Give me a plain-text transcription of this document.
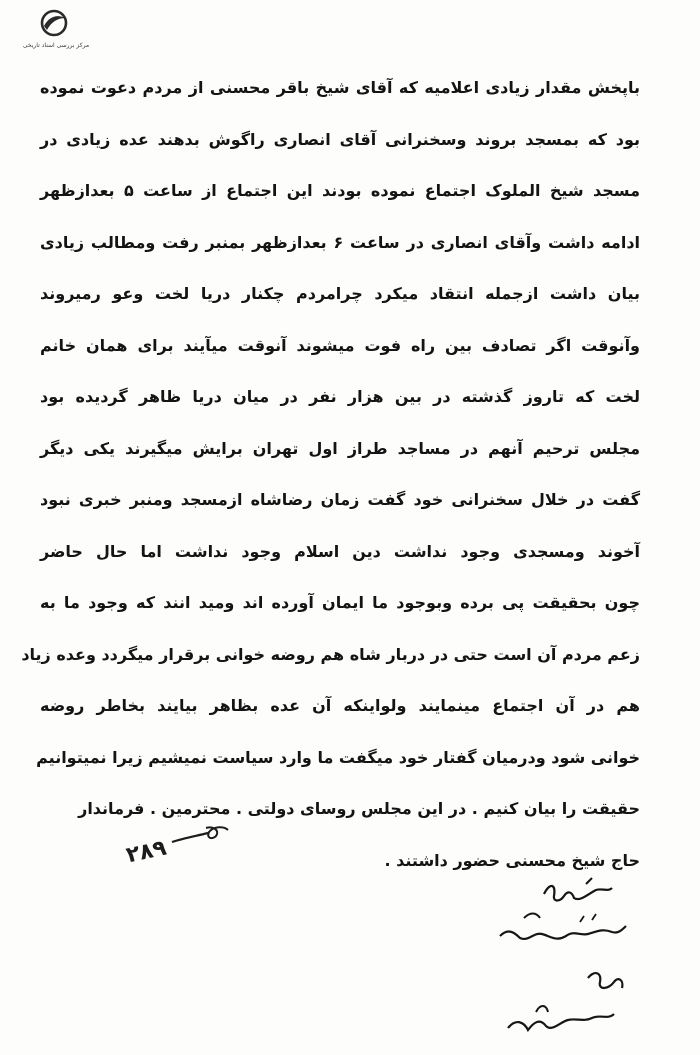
مرکز بررسی اسناد تاریخی
باپخش مقدار زیادی اعلامیه که آقای شیخ باقر محسنی از مردم دعوت نموده
بود که بمسجد بروند وسخنرانی آقای انصاری راگوش بدهند عده زیادی در
مسجد شیخ الملوک اجتماع نموده بودند این اجتماع از ساعت ۵ بعدازظهر
ادامه داشت وآقای انصاری در ساعت ۶ بعدازظهر بمنبر رفت ومطالب زیادی
بیان داشت ازجمله انتقاد میکرد چرامردم چکنار دریا لخت وعو رمیروند
وآنوقت اگر تصادف بین راه فوت میشوند آنوقت میآیند برای همان خانم
لخت که تاروز گذشته در بین هزار نفر در میان دریا ظاهر گردیده بود
مجلس ترحیم آنهم در مساجد طراز اول تهران برایش میگیرند یکی دیگر
گفت در خلال سخنرانی خود گفت زمان رضاشاه ازمسجد ومنبر خبری نبود
آخوند ومسجدی وجود نداشت دین اسلام وجود نداشت اما حال حاضر
چون بحقیقت پی برده وبوجود ما ایمان آورده اند ومید انند که وجود ما به
زعم مردم آن است حتی در دربار شاه هم روضه خوانی برقرار میگردد وعده زیاد
هم در آن اجتماع مینمایند ولواینکه آن عده بظاهر بیایند بخاطر روضه
خوانی شود ودرمیان گفتار خود میگفت ما وارد سیاست نمیشیم زیرا نمیتوانیم
حقیقت را بیان کنیم . در این مجلس روسای دولتی . محترمین . فرماندار
حاج شیخ محسنی حضور داشتند .
۲۸۹
بعرض برسد - دانشجو شهربانی معمور شود
